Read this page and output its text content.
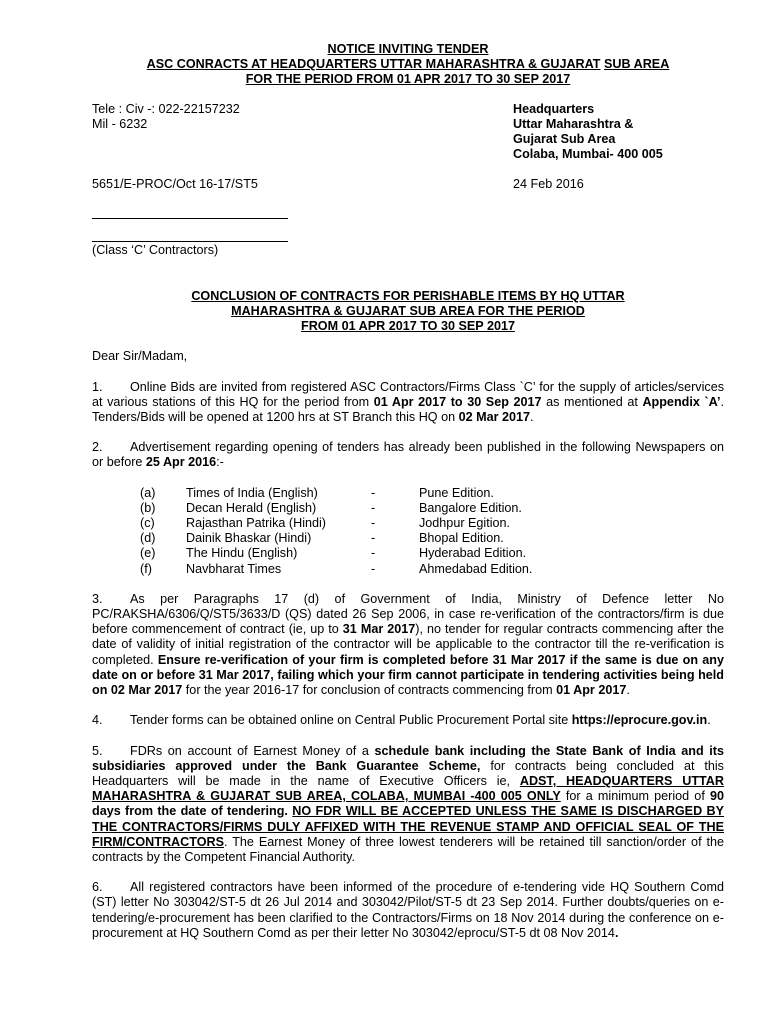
NOTICE INVITING TENDER
ASC CONRACTS AT HEADQUARTERS UTTAR MAHARASHTRA & GUJARAT SUB AREA
FOR THE PERIOD FROM 01 APR 2017 TO 30 SEP 2017
Tele : Civ -: 022-22157232
Mil - 6232
Headquarters
Uttar Maharashtra &
Gujarat Sub Area
Colaba, Mumbai- 400 005
5651/E-PROC/Oct 16-17/ST5	24 Feb 2016
(Class ‘C’ Contractors)
CONCLUSION OF CONTRACTS FOR PERISHABLE ITEMS BY HQ UTTAR
MAHARASHTRA & GUJARAT SUB AREA FOR THE PERIOD
FROM 01 APR 2017 TO 30 SEP 2017
Dear Sir/Madam,

1. Online Bids are invited from registered ASC Contractors/Firms Class `C’ for the supply of articles/services at various stations of this HQ for the period from 01 Apr 2017 to 30 Sep 2017 as mentioned at Appendix `A’. Tenders/Bids will be opened at 1200 hrs at ST Branch this HQ on 02 Mar 2017.

2. Advertisement regarding opening of tenders has already been published in the following Newspapers on or before 25 Apr 2016:-

(a)	Times of India (English)	-	Pune Edition.
(b)	Decan Herald (English)	-	Bangalore Edition.
(c)	Rajasthan Patrika (Hindi)	-	Jodhpur Egition.
(d)	Dainik Bhaskar (Hindi)	-	Bhopal Edition.
(e)	The Hindu (English)	-	Hyderabad Edition.
(f)	Navbharat Times	-	Ahmedabad Edition.

3. As per Paragraphs 17 (d) of Government of India, Ministry of Defence letter No PC/RAKSHA/6306/Q/ST5/3633/D (QS) dated 26 Sep 2006, in case re-verification of the contractors/firm is due before commencement of contract (ie, up to 31 Mar 2017), no tender for regular contracts commencing after the date of validity of initial registration of the contractor will be applicable to the contractor till the re-verification is completed. Ensure re-verification of your firm is completed before 31 Mar 2017 if the same is due on any date on or before 31 Mar 2017, failing which your firm cannot participate in tendering activities being held on 02 Mar 2017 for the year 2016-17 for conclusion of contracts commencing from 01 Apr 2017.

4. Tender forms can be obtained online on Central Public Procurement Portal site https://eprocure.gov.in.

5. FDRs on account of Earnest Money of a schedule bank including the State Bank of India and its subsidiaries approved under the Bank Guarantee Scheme, for contracts being concluded at this Headquarters will be made in the name of Executive Officers ie, ADST, HEADQUARTERS UTTAR MAHARASHTRA & GUJARAT SUB AREA, COLABA, MUMBAI -400 005 ONLY for a minimum period of 90 days from the date of tendering. NO FDR WILL BE ACCEPTED UNLESS THE SAME IS DISCHARGED BY THE CONTRACTORS/FIRMS DULY AFFIXED WITH THE REVENUE STAMP AND OFFICIAL SEAL OF THE FIRM/CONTRACTORS. The Earnest Money of three lowest tenderers will be retained till sanction/order of the contracts by the Competent Financial Authority.

6. All registered contractors have been informed of the procedure of e-tendering vide HQ Southern Comd (ST) letter No 303042/ST-5 dt 26 Jul 2014 and 303042/Pilot/ST-5 dt 23 Sep 2014. Further doubts/queries on e-tendering/e-procurement has been clarified to the Contractors/Firms on 18 Nov 2014 during the conference on e-procurement at HQ Southern Comd as per their letter No 303042/eprocu/ST-5 dt 08 Nov 2014.
